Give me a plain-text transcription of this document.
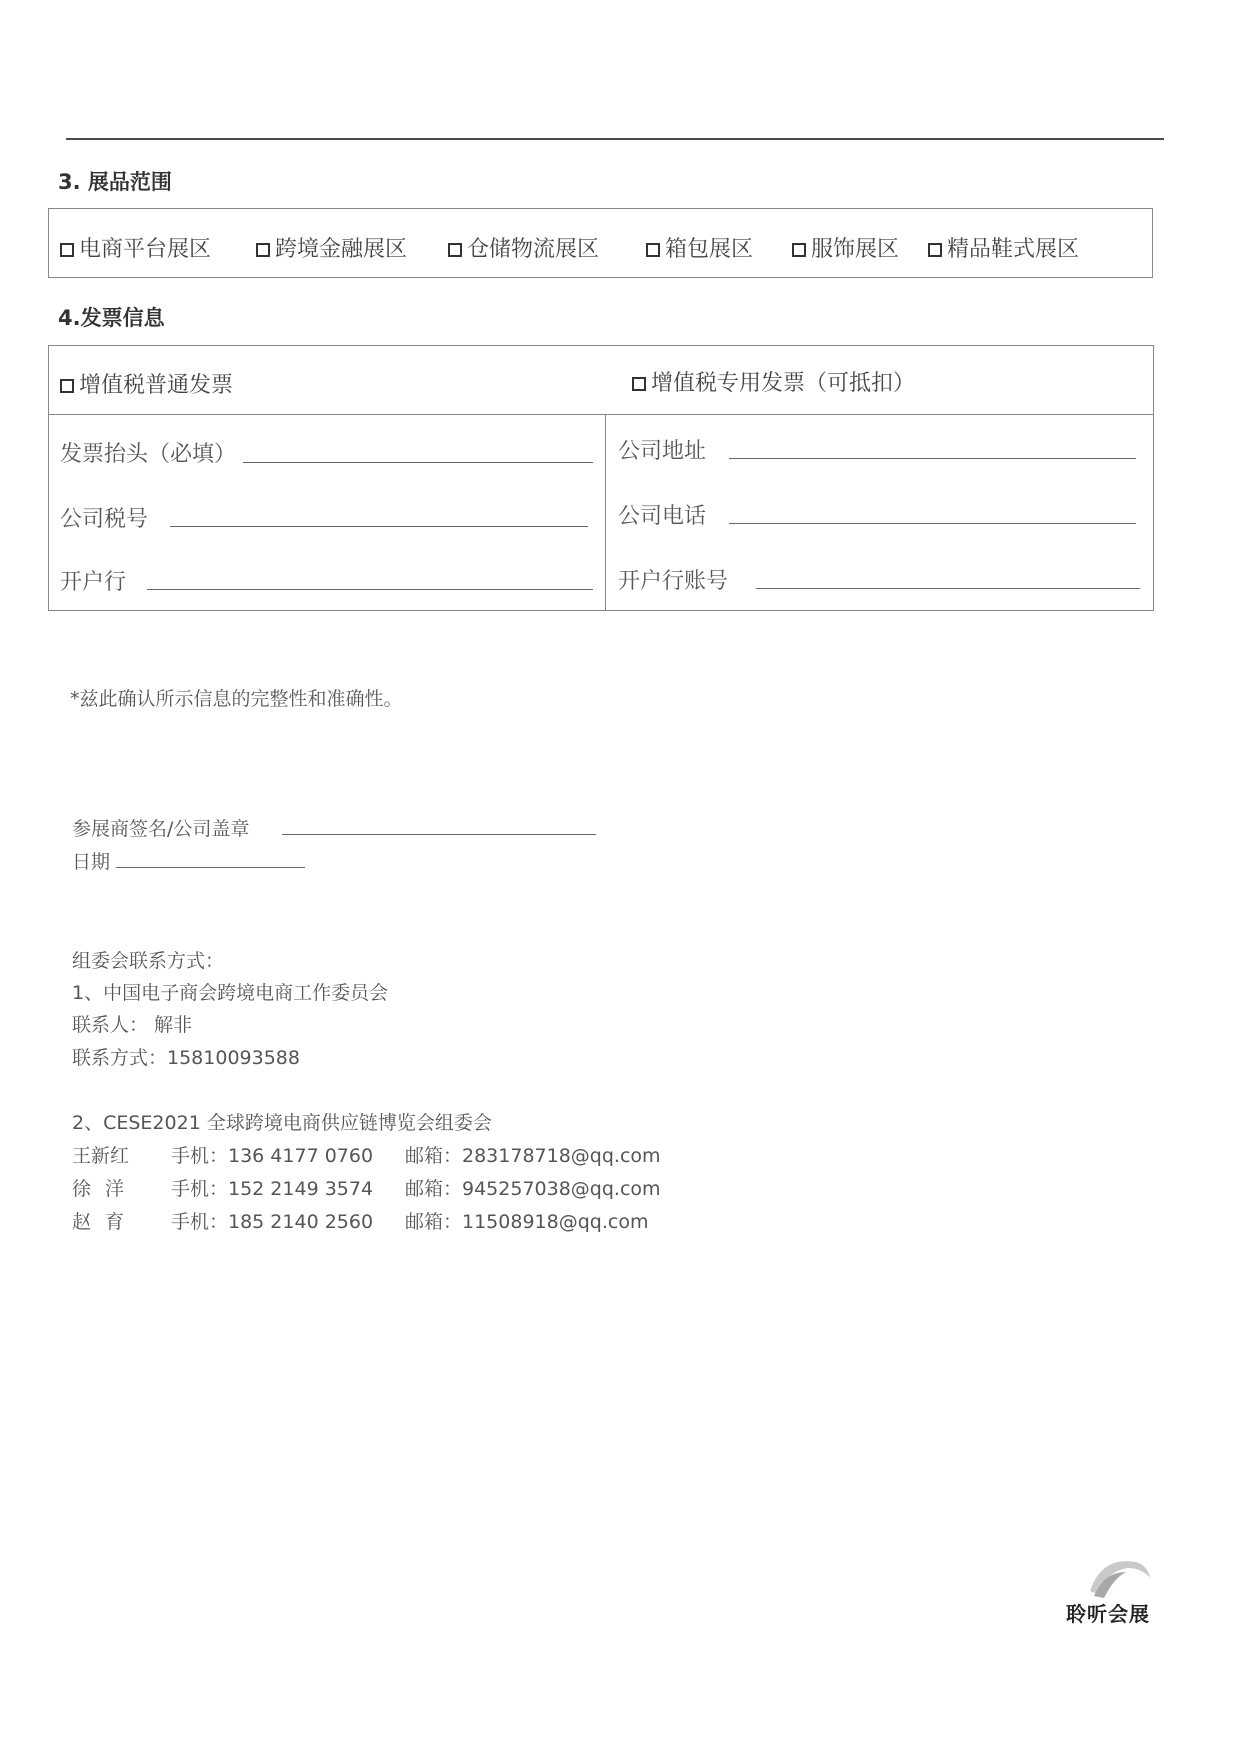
3. 展品范围
电商平台展区	跨境金融展区	仓储物流展区	箱包展区	服饰展区	精品鞋式展区
4.发票信息
增值税普通发票	增值税专用发票（可抵扣）
发票抬头（必填）
公司税号
开户行
公司地址
公司电话
开户行账号
*兹此确认所示信息的完整性和准确性。
参展商签名/公司盖章
日期
组委会联系方式：
1、中国电子商会跨境电商工作委员会
联系人： 解非
联系方式：15810093588
2、CESE2021 全球跨境电商供应链博览会组委会
王新红 手机：136 4177 0760 邮箱：283178718@qq.com
徐 洋 手机：152 2149 3574 邮箱：945257038@qq.com
赵 育 手机：185 2140 2560 邮箱：11508918@qq.com
聆听会展
